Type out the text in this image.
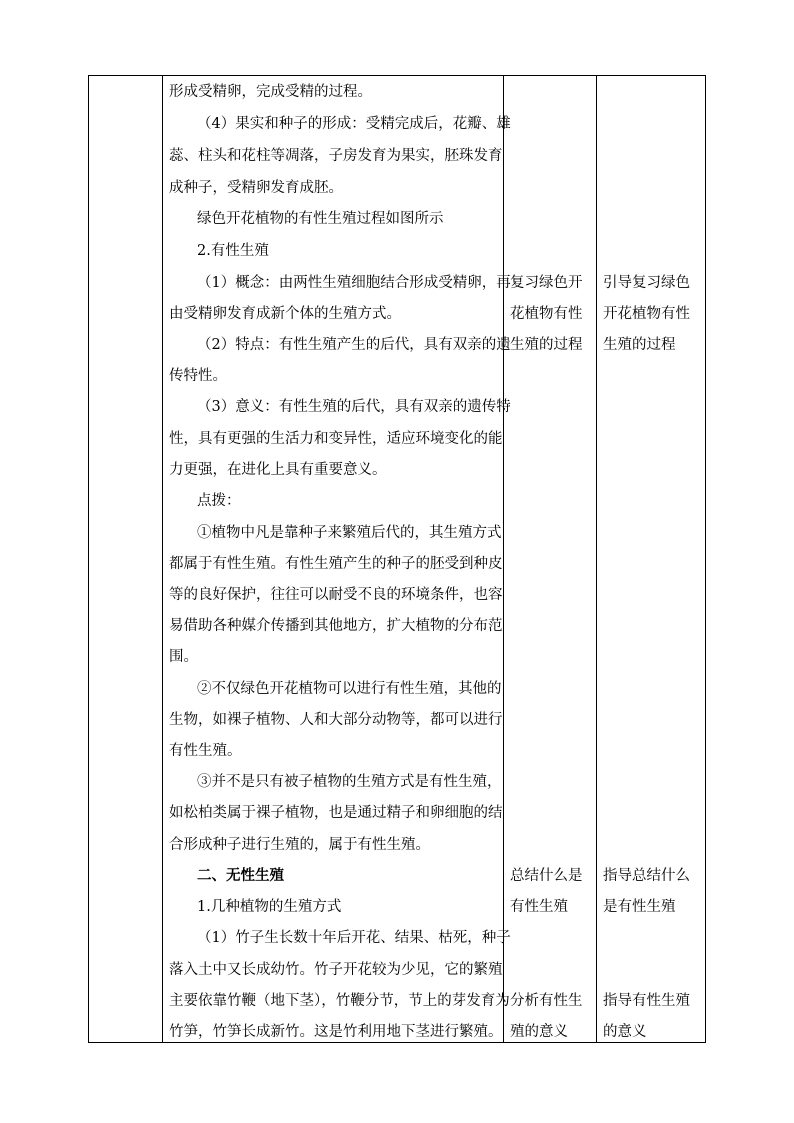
形成受精卵，完成受精的过程。
（4）果实和种子的形成：受精完成后，花瓣、雄
蕊、柱头和花柱等凋落，子房发育为果实，胚珠发育
成种子，受精卵发育成胚。
绿色开花植物的有性生殖过程如图所示
2.有性生殖
（1）概念：由两性生殖细胞结合形成受精卵，再
由受精卵发育成新个体的生殖方式。
（2）特点：有性生殖产生的后代，具有双亲的遗
传特性。
（3）意义：有性生殖的后代，具有双亲的遗传特
性，具有更强的生活力和变异性，适应环境变化的能
力更强，在进化上具有重要意义。
点拨：
①植物中凡是靠种子来繁殖后代的，其生殖方式
都属于有性生殖。有性生殖产生的种子的胚受到种皮
等的良好保护，往往可以耐受不良的环境条件，也容
易借助各种媒介传播到其他地方，扩大植物的分布范
围。
②不仅绿色开花植物可以进行有性生殖，其他的
生物，如裸子植物、人和大部分动物等，都可以进行
有性生殖。
③并不是只有被子植物的生殖方式是有性生殖，
如松柏类属于裸子植物，也是通过精子和卵细胞的结
合形成种子进行生殖的，属于有性生殖。
二、无性生殖
1.几种植物的生殖方式
（1）竹子生长数十年后开花、结果、枯死，种子
落入土中又长成幼竹。竹子开花较为少见，它的繁殖
主要依靠竹鞭（地下茎），竹鞭分节，节上的芽发育为
竹笋，竹笋长成新竹。这是竹利用地下茎进行繁殖。
复习绿色开
花植物有性
生殖的过程
总结什么是
有性生殖
分析有性生
殖的意义
引导复习绿色
开花植物有性
生殖的过程
指导总结什么
是有性生殖
指导有性生殖
的意义
